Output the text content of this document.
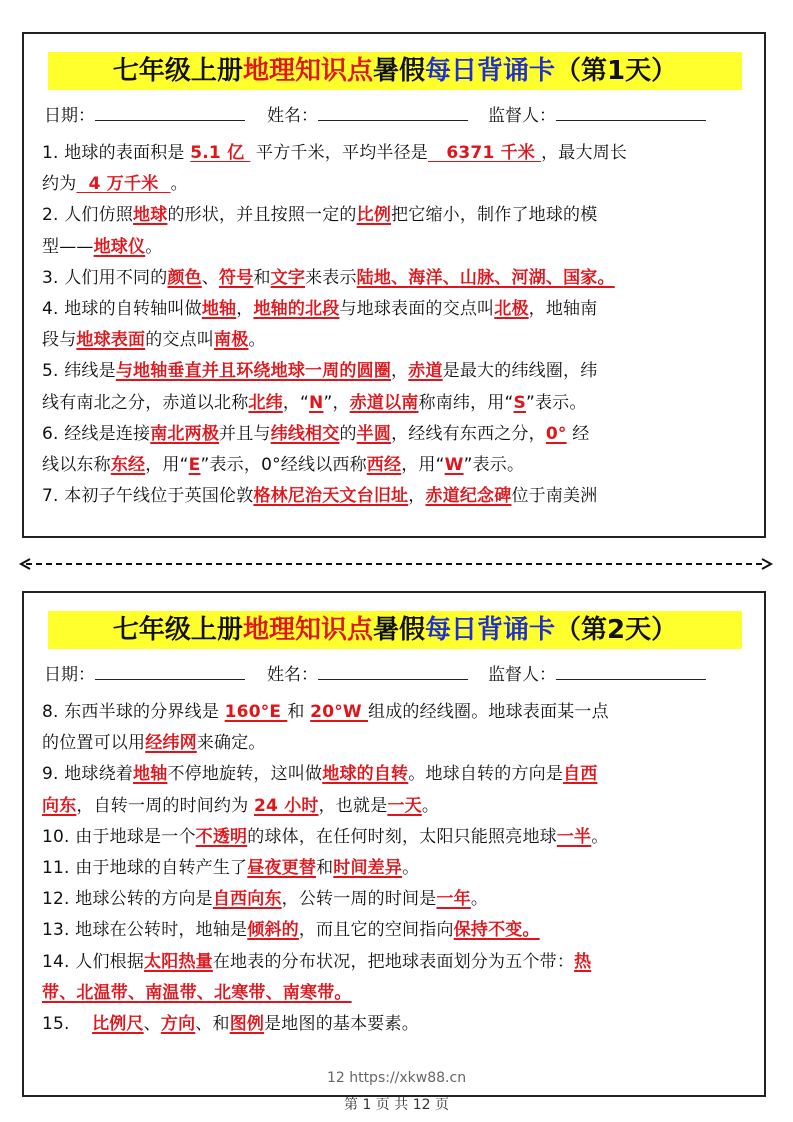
七年级上册地理知识点暑假每日背诵卡（第1天）
日期：	姓名：	监督人：

1. 地球的表面积是 5.1 亿  平方千米，平均半径是   6371 千米 ，最大周长
约为  4 万千米  。

2. 人们仿照地球的形状，并且按照一定的比例把它缩小，制作了地球的模
型——地球仪。

3. 人们用不同的颜色、符号和文字来表示陆地、海洋、山脉、河湖、国家。

4. 地球的自转轴叫做地轴，地轴的北段与地球表面的交点叫北极，地轴南
段与地球表面的交点叫南极。

5. 纬线是与地轴垂直并且环绕地球一周的圆圈，赤道是最大的纬线圈，纬
线有南北之分，赤道以北称北纬，“N”，赤道以南称南纬，用“S”表示。

6. 经线是连接南北两极并且与纬线相交的半圆，经线有东西之分，0° 经
线以东称东经，用“E”表示，0°经线以西称西经，用“W”表示。

7. 本初子午线位于英国伦敦格林尼治天文台旧址，赤道纪念碑位于南美洲

七年级上册地理知识点暑假每日背诵卡（第2天）
日期：	姓名：	监督人：

8. 东西半球的分界线是 160°E 和 20°W 组成的经线圈。地球表面某一点
的位置可以用经纬网来确定。

9. 地球绕着地轴不停地旋转，这叫做地球的自转。地球自转的方向是自西
向东，自转一周的时间约为 24 小时，也就是一天。

10. 由于地球是一个不透明的球体，在任何时刻，太阳只能照亮地球一半。

11. 由于地球的自转产生了昼夜更替和时间差异。

12. 地球公转的方向是自西向东，公转一周的时间是一年。

13. 地球在公转时，地轴是倾斜的，而且它的空间指向保持不变。

14. 人们根据太阳热量在地表的分布状况，把地球表面划分为五个带：热
带、北温带、南温带、北寒带、南寒带。

15.    比例尺、方向、和图例是地图的基本要素。

12 https://xkw88.cn
第 1 页 共 12 页
